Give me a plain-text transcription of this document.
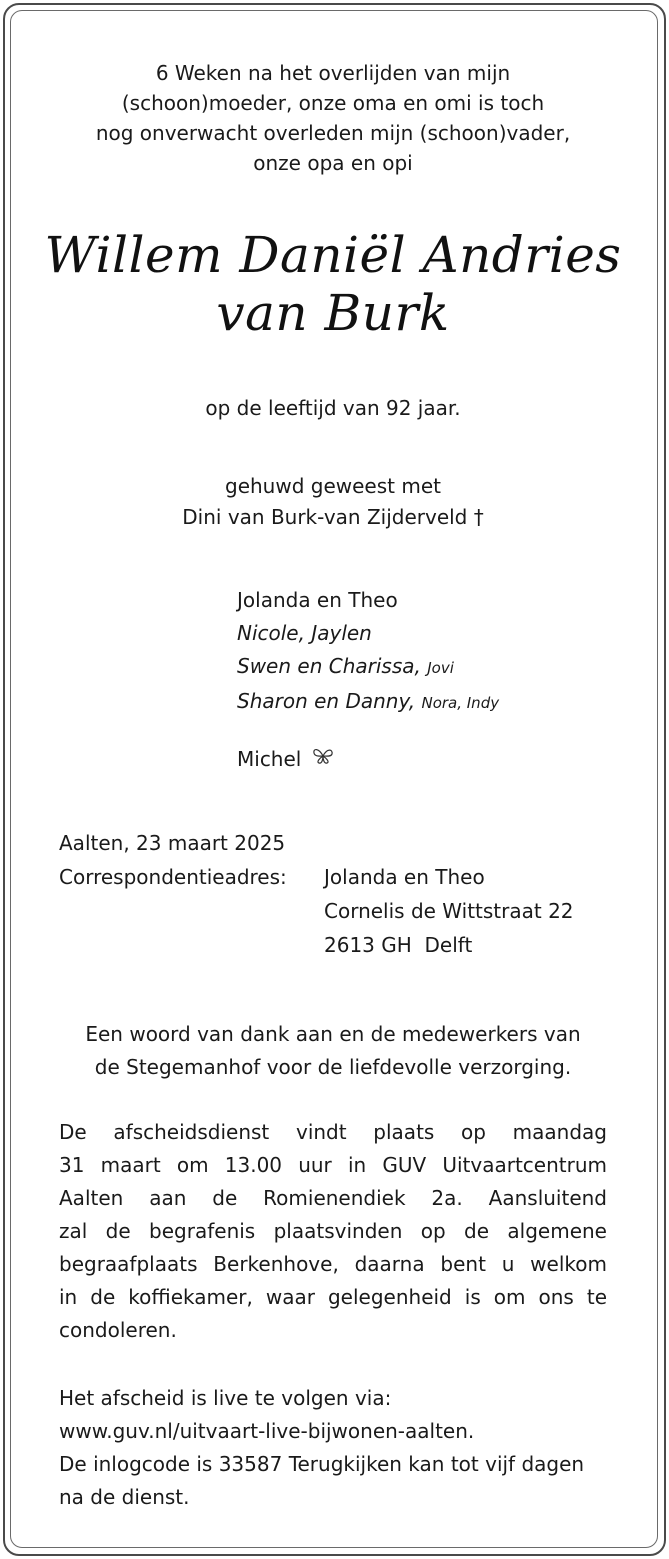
6 Weken na het overlijden van mijn
(schoon)moeder, onze oma en omi is toch
nog onverwacht overleden mijn (schoon)vader,
onze opa en opi
Willem Daniël Andries
van Burk
op de leeftijd van 92 jaar.
gehuwd geweest met
Dini van Burk-van Zijderveld †
Jolanda en Theo
Nicole, Jaylen
Swen en Charissa, Jovi
Sharon en Danny, Nora, Indy
Michel
Aalten, 23 maart 2025
Correspondentieadres: Jolanda en Theo
Cornelis de Wittstraat 22
2613 GH  Delft
Een woord van dank aan en de medewerkers van
de Stegemanhof voor de liefdevolle verzorging.
De afscheidsdienst vindt plaats op maandag
31 maart om 13.00 uur in GUV Uitvaartcentrum
Aalten aan de Romienendiek 2a. Aansluitend
zal de begrafenis plaatsvinden op de algemene
begraafplaats Berkenhove, daarna bent u welkom
in de koffiekamer, waar gelegenheid is om ons te
condoleren.
Het afscheid is live te volgen via:
www.guv.nl/uitvaart-live-bijwonen-aalten.
De inlogcode is 33587 Terugkijken kan tot vijf dagen
na de dienst.
